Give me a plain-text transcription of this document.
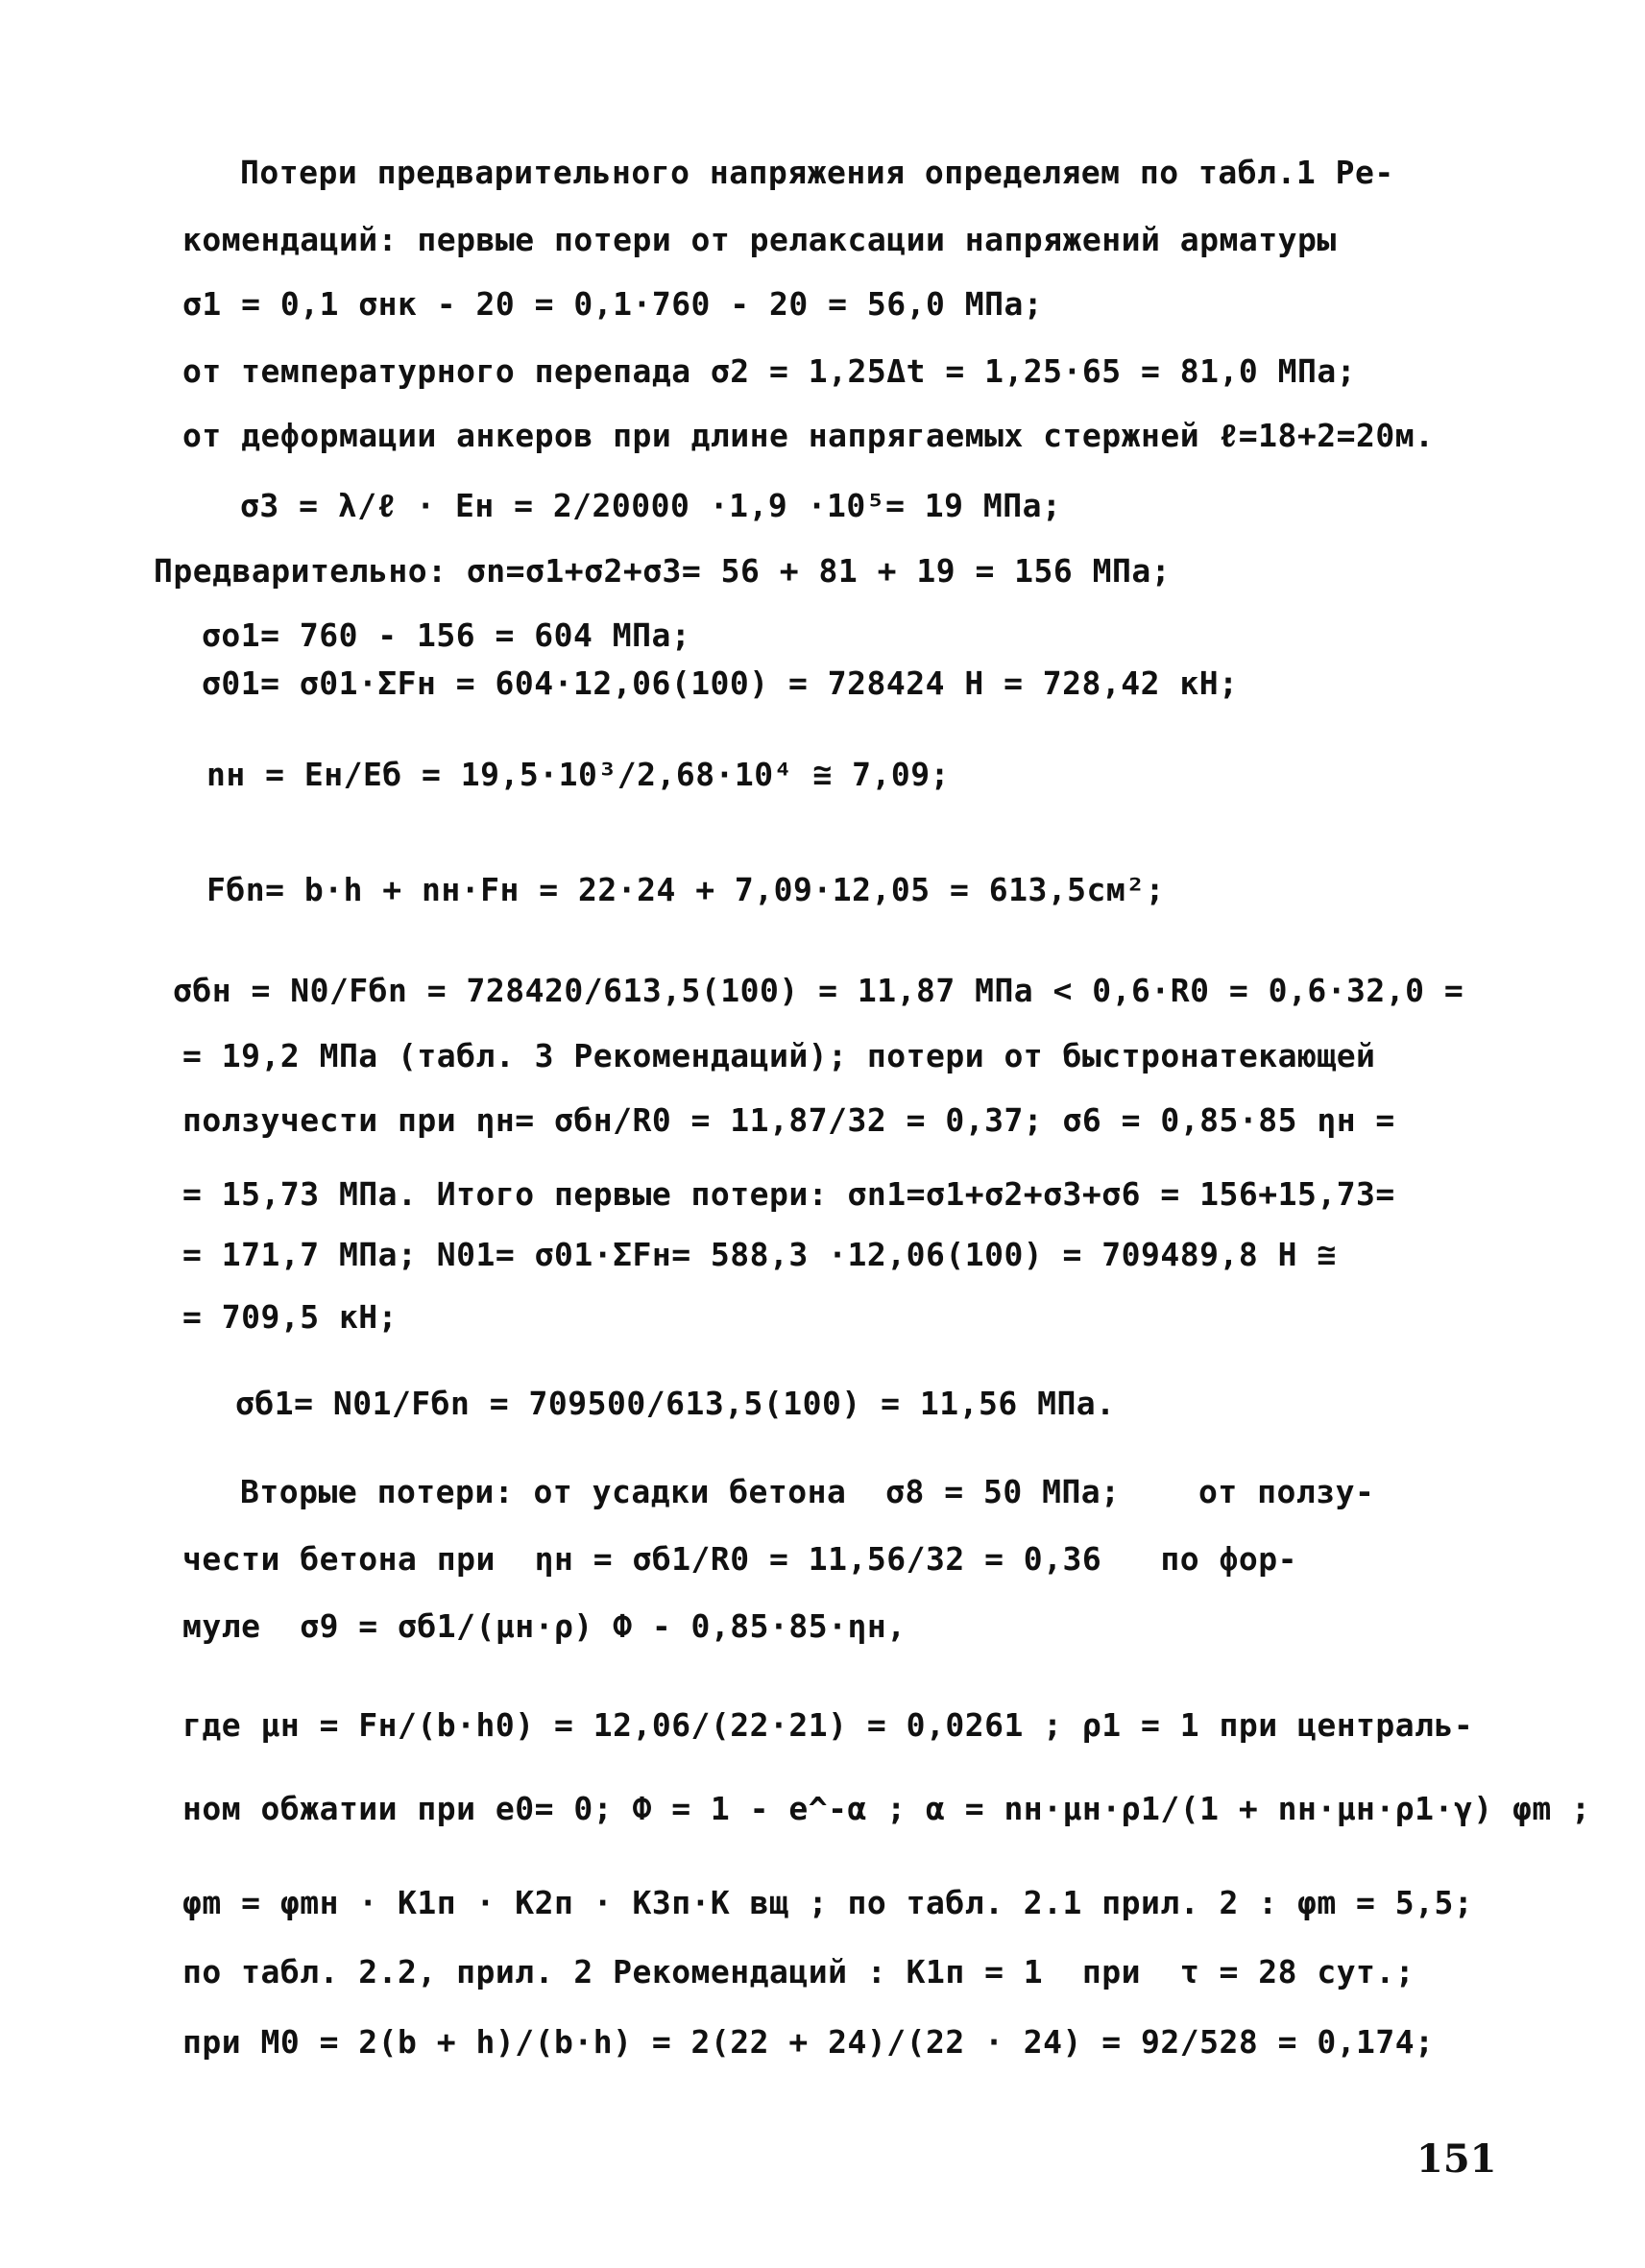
Потери предварительного напряжения определяем по табл.1 Ре-
комендаций: первые потери от релаксации напряжений арматуры
σ1 = 0,1 σнк - 20 = 0,1·760 - 20 = 56,0 МПа;
от температурного перепада σ2 = 1,25Δt = 1,25·65 = 81,0 МПа;
от деформации анкеров при длине напрягаемых стержней ℓ=18+2=20м.
σ3 = λ/ℓ · Ен = 2/20000 ·1,9 ·10⁵= 19 МПа;
Предварительно: σn=σ1+σ2+σ3= 56 + 81 + 19 = 156 МПа;
σо1= 760 - 156 = 604 МПа;
σ01= σ01·ΣFн = 604·12,06(100) = 728424 Н = 728,42 кН;
nн = Ен/Еб = 19,5·10³/2,68·10⁴ ≅ 7,09;
Fбn= b·h + nн·Fн = 22·24 + 7,09·12,05 = 613,5см²;
σбн = N0/Fбn = 728420/613,5(100) = 11,87 МПа < 0,6·R0 = 0,6·32,0 =
= 19,2 МПа (табл. 3 Рекомендаций); потери от быстронатекающей
ползучести при ηн= σбн/R0 = 11,87/32 = 0,37; σ6 = 0,85·85 ηн =
= 15,73 МПа. Итого первые потери: σn1=σ1+σ2+σ3+σ6 = 156+15,73=
= 171,7 МПа; N01= σ01·ΣFн= 588,3 ·12,06(100) = 709489,8 Н ≅
= 709,5 кН;
σб1= N01/Fбn = 709500/613,5(100) = 11,56 МПа.
Вторые потери: от усадки бетона  σ8 = 50 МПа;    от ползу-
чести бетона при  ηн = σб1/R0 = 11,56/32 = 0,36   по фор-
муле  σ9 = σб1/(μн·ρ) Ф - 0,85·85·ηн,
где μн = Fн/(b·h0) = 12,06/(22·21) = 0,0261 ; ρ1 = 1 при централь-
ном обжатии при e0= 0; Ф = 1 - e^-α ; α = nн·μн·ρ1/(1 + nн·μн·ρ1·γ) φm ;
φm = φmн · K1п · K2п · K3п·K вщ ; по табл. 2.1 прил. 2 : φm = 5,5;
по табл. 2.2, прил. 2 Рекомендаций : K1п = 1  при  τ = 28 сут.;
при M0 = 2(b + h)/(b·h) = 2(22 + 24)/(22 · 24) = 92/528 = 0,174;
151
